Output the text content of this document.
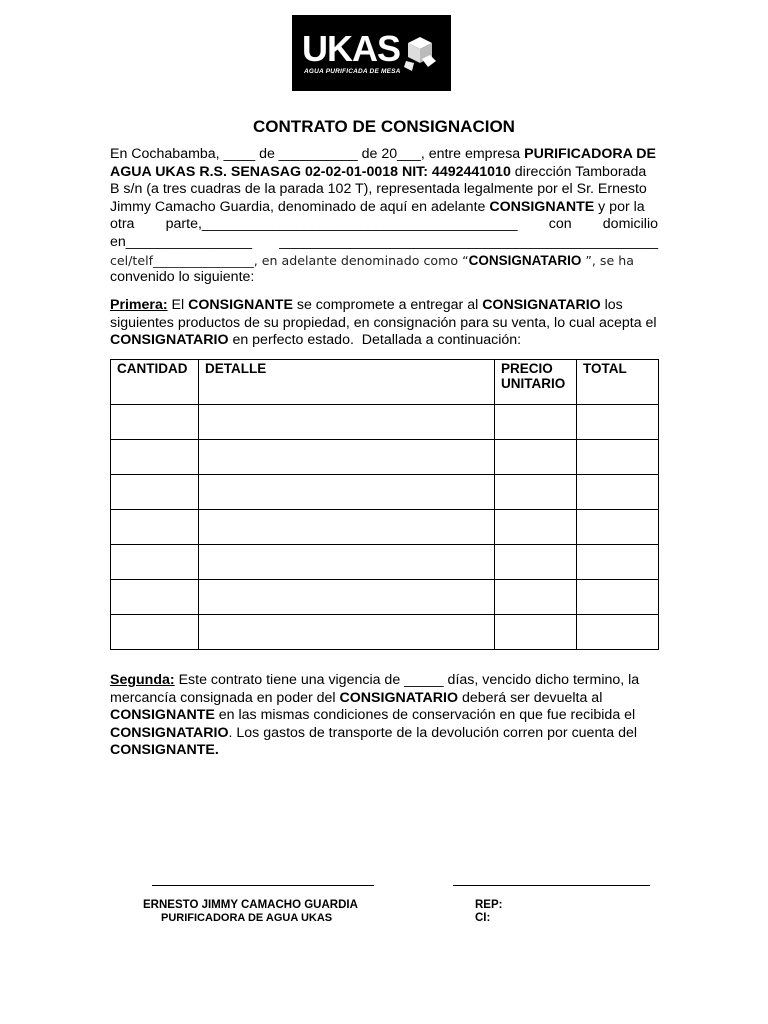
UKAS
AGUA PURIFICADA DE MESA
CONTRATO DE CONSIGNACION
En Cochabamba, ____ de __________ de 20___, entre empresa PURIFICADORA DE
AGUA UKAS R.S. SENASAG 02-02-01-0018 NIT: 4492441010 dirección Tamborada
B s/n (a tres cuadras de la parada 102 T), representada legalmente por el Sr. Ernesto
Jimmy Camacho Guardia, denominado de aquí en adelante CONSIGNANTE y por la
otra parte,________________________________________ con domicilio
en________________ ________________________________________________
cel/telf________________, en adelante denominado como “CONSIGNATARIO ”, se ha
convenido lo siguiente:
Primera: El CONSIGNANTE se compromete a entregar al CONSIGNATARIO los
siguientes productos de su propiedad, en consignación para su venta, lo cual acepta el
CONSIGNATARIO en perfecto estado.  Detallada a continuación:
CANTIDAD	DETALLE	PRECIO UNITARIO	TOTAL

Segunda: Este contrato tiene una vigencia de _____ días, vencido dicho termino, la
mercancía consignada en poder del CONSIGNATARIO deberá ser devuelta al
CONSIGNANTE en las mismas condiciones de conservación en que fue recibida el
CONSIGNATARIO. Los gastos de transporte de la devolución corren por cuenta del
CONSIGNANTE.
ERNESTO JIMMY CAMACHO GUARDIA
PURIFICADORA DE AGUA UKAS
REP:
CI:
